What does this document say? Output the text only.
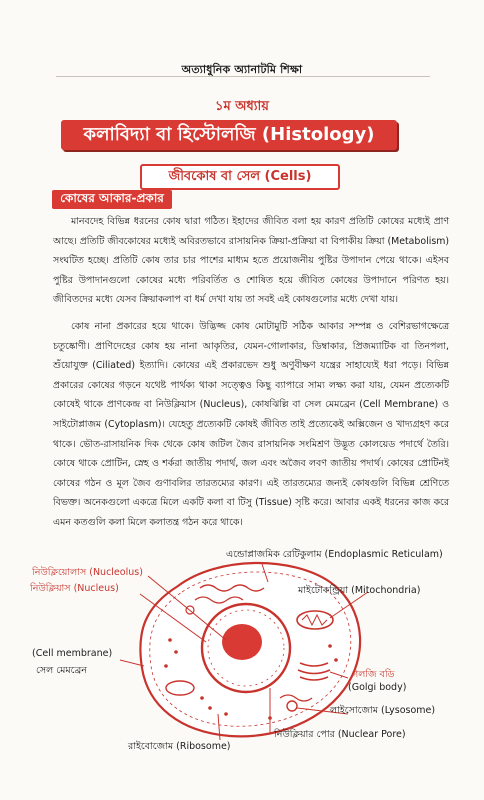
অত্যাধুনিক অ্যানাটমি শিক্ষা
১ম অধ্যায়
কলাবিদ্যা বা হিস্টোলজি (Histology)
জীবকোষ বা সেল (Cells)
কোষের আকার-প্রকার

মানবদেহ বিভিন্ন ধরনের কোষ দ্বারা গঠিত। ইহাদের জীবিত বলা হয় কারণ প্রতিটি কোষের মধ্যেই প্রাণ আছে। প্রতিটি জীবকোষের মধ্যেই অবিরতভাবে রাসায়নিক ক্রিয়া-প্রক্রিয়া বা বিপাকীয় ক্রিয়া (Metabolism) সংঘটিত হচ্ছে। প্রতিটি কোষ তার চার পাশের মাধ্যম হতে প্রয়োজনীয় পুষ্টির উপাদান পেয়ে থাকে। এইসব পুষ্টির উপাদানগুলো কোষের মধ্যে পরিবর্তিত ও শোষিত হয়ে জীবিত কোষের উপাদানে পরিণত হয়। জীবিতদের মধ্যে যেসব ক্রিয়াকলাপ বা ধর্ম দেখা যায় তা সবই এই কোষগুলোর মধ্যে দেখা যায়।

কোষ নানা প্রকারের হয়ে থাকে। উদ্ভিজ্জ কোষ মোটামুটি সঠিক আকার সম্পন্ন ও বেশিরভাগক্ষেত্রে চতুষ্কোণী। প্রাণিদেহের কোষ হয় নানা আকৃতির, যেমন-গোলাকার, ডিম্বাকার, প্রিজম্যাটিক বা তিনপলা, শুঁয়োযুক্ত (Ciliated) ইত্যাদি। কোষের এই প্রকারভেদ শুধু অণুবীক্ষণ যন্ত্রের সাহায্যেই ধরা পড়ে। বিভিন্ন প্রকারের কোষের গড়নে যথেষ্ট পার্থক্য থাকা সত্ত্বেও কিছু ব্যাপারে সাম্য লক্ষ্য করা যায়, যেমন প্রত্যেকটি কোষেই থাকে প্রাণকেন্দ্র বা নিউক্লিয়াস (Nucleus), কোষঝিল্লি বা সেল মেমব্রেন (Cell Membrane) ও সাইটোপ্লাজম (Cytoplasm)। যেহেতু প্রত্যেকটি কোষই জীবিত তাই প্রত্যেকেই অক্সিজেন ও খাদ্যগ্রহণ করে থাকে। ভৌত-রাসায়নিক দিক থেকে কোষ জটিল জৈব রাসায়নিক সংমিশ্রণ উদ্ভূত কোলয়েড পদার্থে তৈরি। কোষে থাকে প্রোটিন, স্নেহ ও শর্করা জাতীয় পদার্থ, জল এবং অজৈব লবণ জাতীয় পদার্থ। কোষের প্রোটিনই কোষের গঠন ও মূল জৈব গুণাবলির তারতম্যের কারণ। এই তারতম্যের জন্যই কোষগুলি বিভিন্ন শ্রেণিতে বিভক্ত। অনেকগুলো একত্রে মিলে একটি কলা বা টিসু (Tissue) সৃষ্টি করে। আবার একই ধরনের কাজ করে এমন কতগুলি কলা মিলে কলাতন্ত্র গঠন করে থাকে।

এন্ডোপ্লাজমিক রেটিকুলাম (Endoplasmic Reticulam)
নিউক্লিয়োলাস (Nucleolus)
নিউক্লিয়াস (Nucleus)	মাইটোকন্ড্রিয়া (Mitochondria)
(Cell membrane)
সেল মেমব্রেন	গলজি বডি
(Golgi body)
লাইসোজোম (Lysosome)
নিউক্লিয়ার পোর (Nuclear Pore)
রাইবোজোম (Ribosome)
